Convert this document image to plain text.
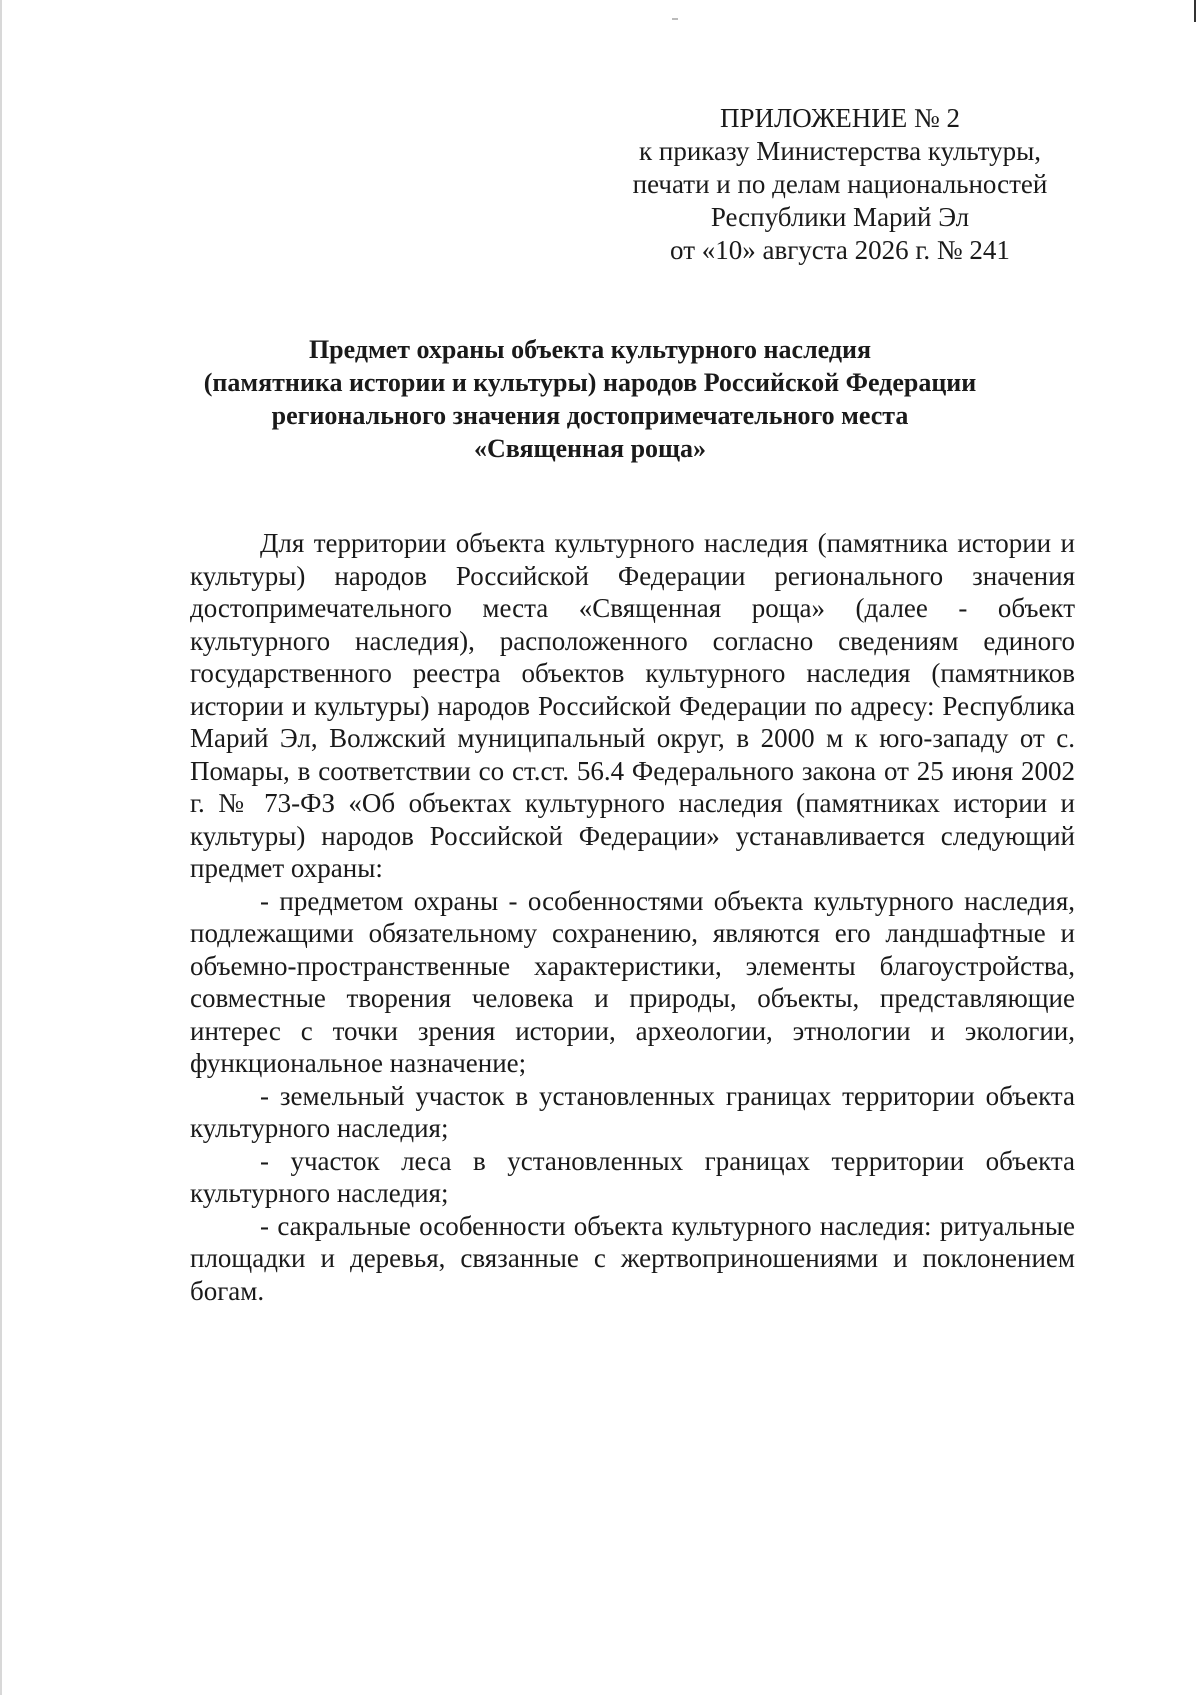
ПРИЛОЖЕНИЕ № 2
к приказу Министерства культуры,
печати и по делам национальностей
Республики Марий Эл
от «10» августа 2026 г. № 241
Предмет охраны объекта культурного наследия
(памятника истории и культуры) народов Российской Федерации
регионального значения достопримечательного места
«Священная роща»

Для территории объекта культурного наследия (памятника истории и культуры) народов Российской Федерации регионального значения достопримечательного места «Священная роща» (далее - объект культурного наследия), расположенного согласно сведениям единого государственного реестра объектов культурного наследия (памятников истории и культуры) народов Российской Федерации по адресу: Республика Марий Эл, Волжский муниципальный округ, в 2000 м к юго-западу от с. Помары, в соответствии со ст.ст. 56.4 Федерального закона от 25 июня 2002 г. № 73-ФЗ «Об объектах культурного наследия (памятниках истории и культуры) народов Российской Федерации» устанавливается следующий предмет охраны:

- предметом охраны - особенностями объекта культурного наследия, подлежащими обязательному сохранению, являются его ландшафтные и объемно-пространственные характеристики, элементы благоустройства, совместные творения человека и природы, объекты, представляющие интерес с точки зрения истории, археологии, этнологии и экологии, функциональное назначение;

- земельный участок в установленных границах территории объекта культурного наследия;

- участок леса в установленных границах территории объекта культурного наследия;

- сакральные особенности объекта культурного наследия: ритуальные площадки и деревья, связанные с жертвоприношениями и поклонением богам.
